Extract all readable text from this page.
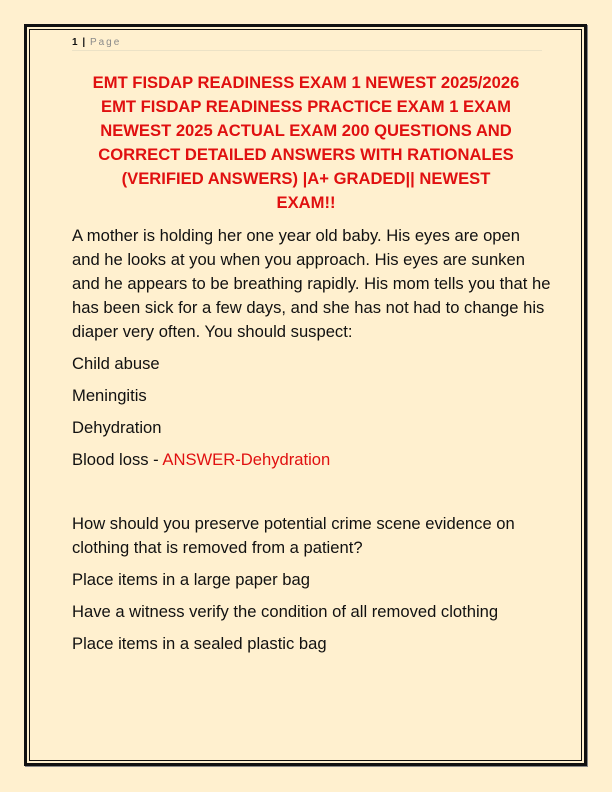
1 | Page
EMT FISDAP READINESS EXAM 1 NEWEST 2025/2026
EMT FISDAP READINESS PRACTICE EXAM 1 EXAM
NEWEST 2025 ACTUAL EXAM 200 QUESTIONS AND
CORRECT DETAILED ANSWERS WITH RATIONALES
(VERIFIED ANSWERS) |A+ GRADED|| NEWEST
EXAM!!

A mother is holding her one year old baby. His eyes are open and he looks at you when you approach. His eyes are sunken and he appears to be breathing rapidly. His mom tells you that he has been sick for a few days, and she has not had to change his diaper very often. You should suspect:

Child abuse

Meningitis

Dehydration

Blood loss - ANSWER-Dehydration

How should you preserve potential crime scene evidence on clothing that is removed from a patient?

Place items in a large paper bag

Have a witness verify the condition of all removed clothing

Place items in a sealed plastic bag
